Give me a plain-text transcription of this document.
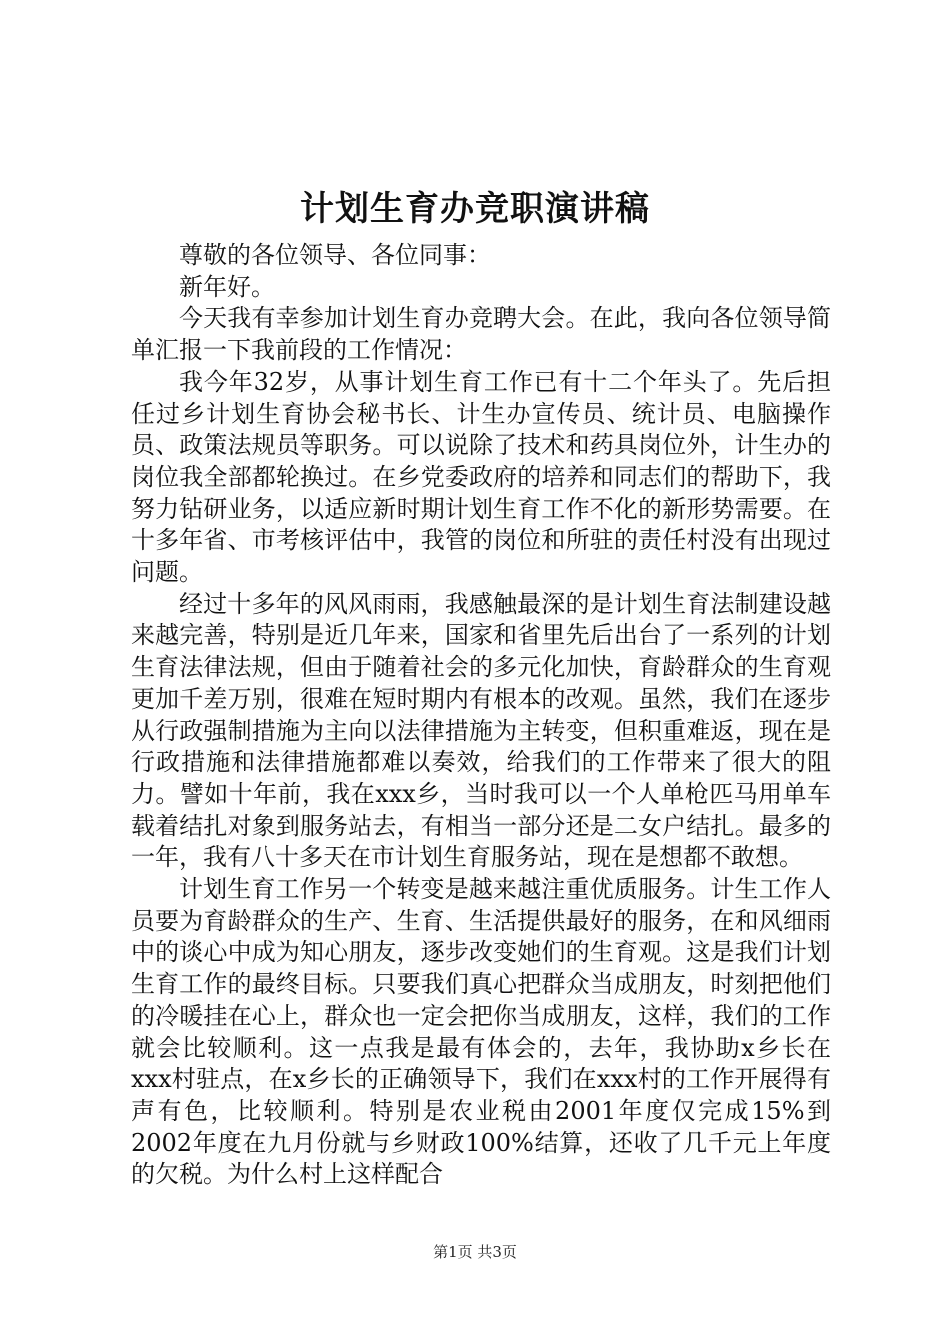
计划生育办竞职演讲稿

尊敬的各位领导、各位同事：

新年好。

今天我有幸参加计划生育办竞聘大会。在此，我向各位领导简单汇报一下我前段的工作情况：

我今年32岁，从事计划生育工作已有十二个年头了。先后担任过乡计划生育协会秘书长、计生办宣传员、统计员、电脑操作员、政策法规员等职务。可以说除了技术和药具岗位外，计生办的岗位我全部都轮换过。在乡党委政府的培养和同志们的帮助下，我努力钻研业务，以适应新时期计划生育工作不化的新形势需要。在十多年省、市考核评估中，我管的岗位和所驻的责任村没有出现过问题。

经过十多年的风风雨雨，我感触最深的是计划生育法制建设越来越完善，特别是近几年来，国家和省里先后出台了一系列的计划生育法律法规，但由于随着社会的多元化加快，育龄群众的生育观更加千差万别，很难在短时期内有根本的改观。虽然，我们在逐步从行政强制措施为主向以法律措施为主转变，但积重难返，现在是行政措施和法律措施都难以奏效，给我们的工作带来了很大的阻力。譬如十年前，我在xxx乡，当时我可以一个人单枪匹马用单车载着结扎对象到服务站去，有相当一部分还是二女户结扎。最多的一年，我有八十多天在市计划生育服务站，现在是想都不敢想。

计划生育工作另一个转变是越来越注重优质服务。计生工作人员要为育龄群众的生产、生育、生活提供最好的服务，在和风细雨中的谈心中成为知心朋友，逐步改变她们的生育观。这是我们计划生育工作的最终目标。只要我们真心把群众当成朋友，时刻把他们的冷暖挂在心上，群众也一定会把你当成朋友，这样，我们的工作就会比较顺利。这一点我是最有体会的，去年，我协助x乡长在xxx村驻点，在x乡长的正确领导下，我们在xxx村的工作开展得有声有色，比较顺利。特别是农业税由2001年度仅完成15%到2002年度在九月份就与乡财政100%结算，还收了几千元上年度的欠税。为什么村上这样配合

第1页 共3页
